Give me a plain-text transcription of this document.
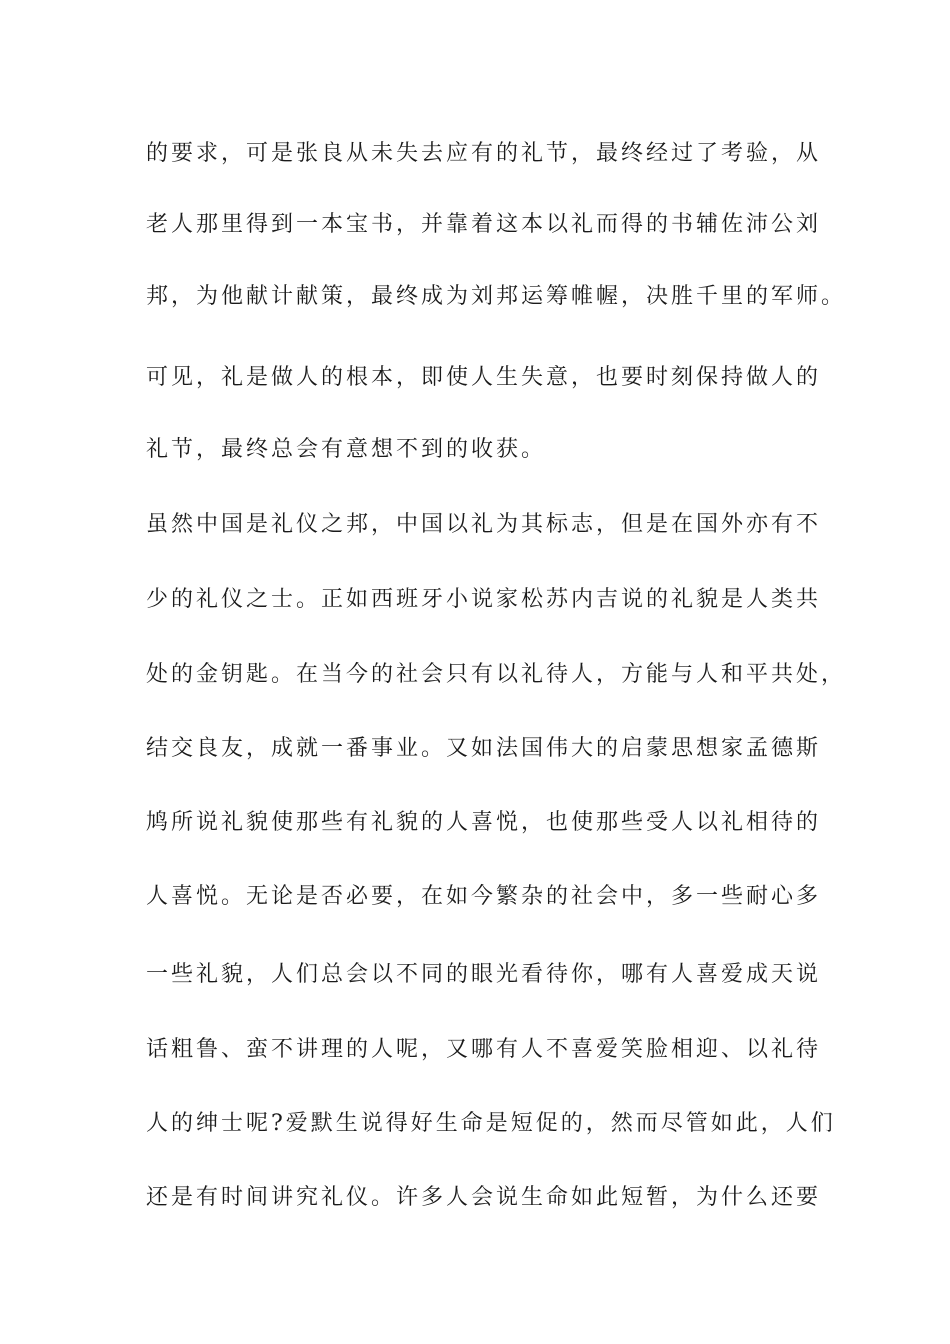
的要求，可是张良从未失去应有的礼节，最终经过了考验，从
老人那里得到一本宝书，并靠着这本以礼而得的书辅佐沛公刘
邦，为他献计献策，最终成为刘邦运筹帷幄，决胜千里的军师。
可见，礼是做人的根本，即使人生失意，也要时刻保持做人的
礼节，最终总会有意想不到的收获。
虽然中国是礼仪之邦，中国以礼为其标志，但是在国外亦有不
少的礼仪之士。正如西班牙小说家松苏内吉说的礼貌是人类共
处的金钥匙。在当今的社会只有以礼待人，方能与人和平共处，
结交良友，成就一番事业。又如法国伟大的启蒙思想家孟德斯
鸠所说礼貌使那些有礼貌的人喜悦，也使那些受人以礼相待的
人喜悦。无论是否必要，在如今繁杂的社会中，多一些耐心多
一些礼貌，人们总会以不同的眼光看待你，哪有人喜爱成天说
话粗鲁、蛮不讲理的人呢，又哪有人不喜爱笑脸相迎、以礼待
人的绅士呢?爱默生说得好生命是短促的，然而尽管如此，人们
还是有时间讲究礼仪。许多人会说生命如此短暂，为什么还要
